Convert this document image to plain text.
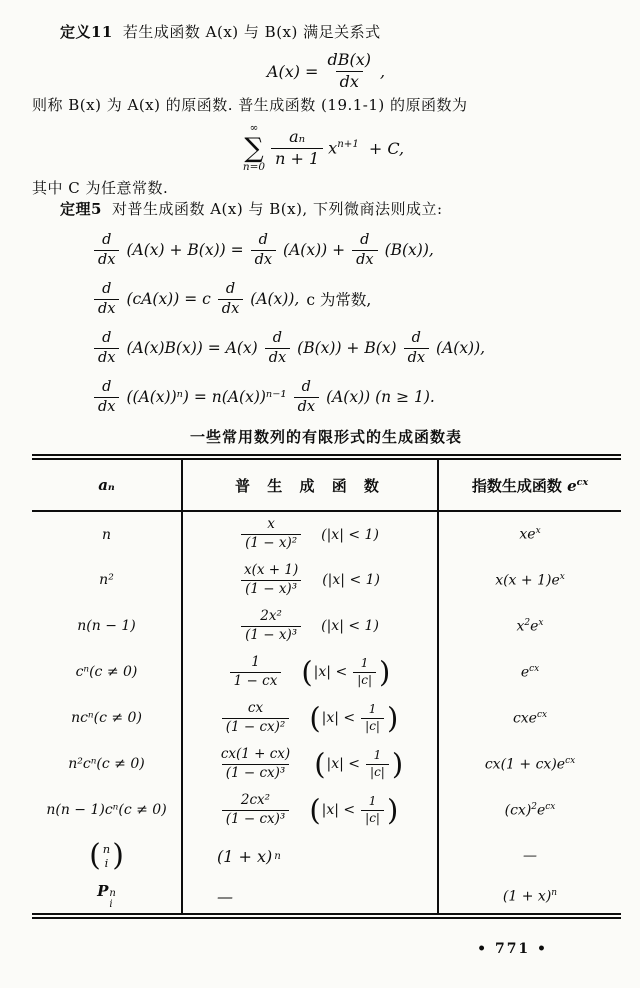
定义11 若生成函数 A(x) 与 B(x) 满足关系式

$A(x) = \frac{dB(x)}{dx}$ ,

则称 B(x) 为 A(x) 的原函数. 普生成函数 (19.1-1) 的原函数为

∞
∑
$n=0 \frac{\text{aₙ}}{n + 1} x^{n+1} + C$,

其中 C 为任意常数.

定理5 对普生成函数 A(x) 与 B(x), 下列微商法则成立:

$\frac{d}{dx} (A(x) + B(x)) = \frac{d}{dx} (A(x)) + \frac{d}{dx} (B(x))$,
$\frac{d}{dx} (cA(x)) = c \frac{d}{dx} (A(x))$, c 为常数,
$\frac{d}{dx} (A(x)B(x)) = A(x) \frac{d}{dx} (B(x)) + B(x) \frac{d}{dx} (A(x))$,
$\frac{d}{dx} ((A(x))^n) = n(A(x))^{n-1} \frac{d}{dx} (A(x)) (n \ge 1)$.
一些常用数列的有限形式的生成函数表
aₙ	普 生 成 函 数	指数生成函数 $e^{cx}$
n	$\frac{x}{\text{(1 − x)²}} (|x| < 1)$	$xe^x$
n²	$\frac{x(x + 1)}{\text{(1 − x)³}} (|x| < 1)$	$x(x + 1)e^x$
n(n − 1)	$\frac{\text{2x²}}{\text{(1 − x)³}} (|x| < 1)$	$x^2e^x$
cⁿ(c ≠ 0)	$\frac{1}{1 - cx}$ ( $|x| < \frac{1}{|c|}$ )	$e^{cx}$
ncⁿ(c ≠ 0)	$\frac{cx}{\text{(1 − cx)²}}$ ( $|x| < \frac{1}{|c|}$ )	cxe$^{cx}$
n²cⁿ(c ≠ 0)	$\frac{cx(1 + cx)}{\text{(1 − cx)³}}$ ( $|x| < \frac{1}{|c|}$ )	$cx(1 + cx)e^{cx}$
n(n − 1)cⁿ(c ≠ 0)	$\frac{\text{2cx²}}{\text{(1 − cx)³}}$ ( $|x| < \frac{1}{|c|}$ )	$(cx)^2e^{cx}$

( n
i )	(1 + x) n	—
P n
i	—	$(1 + x)^n$
• 771 •
